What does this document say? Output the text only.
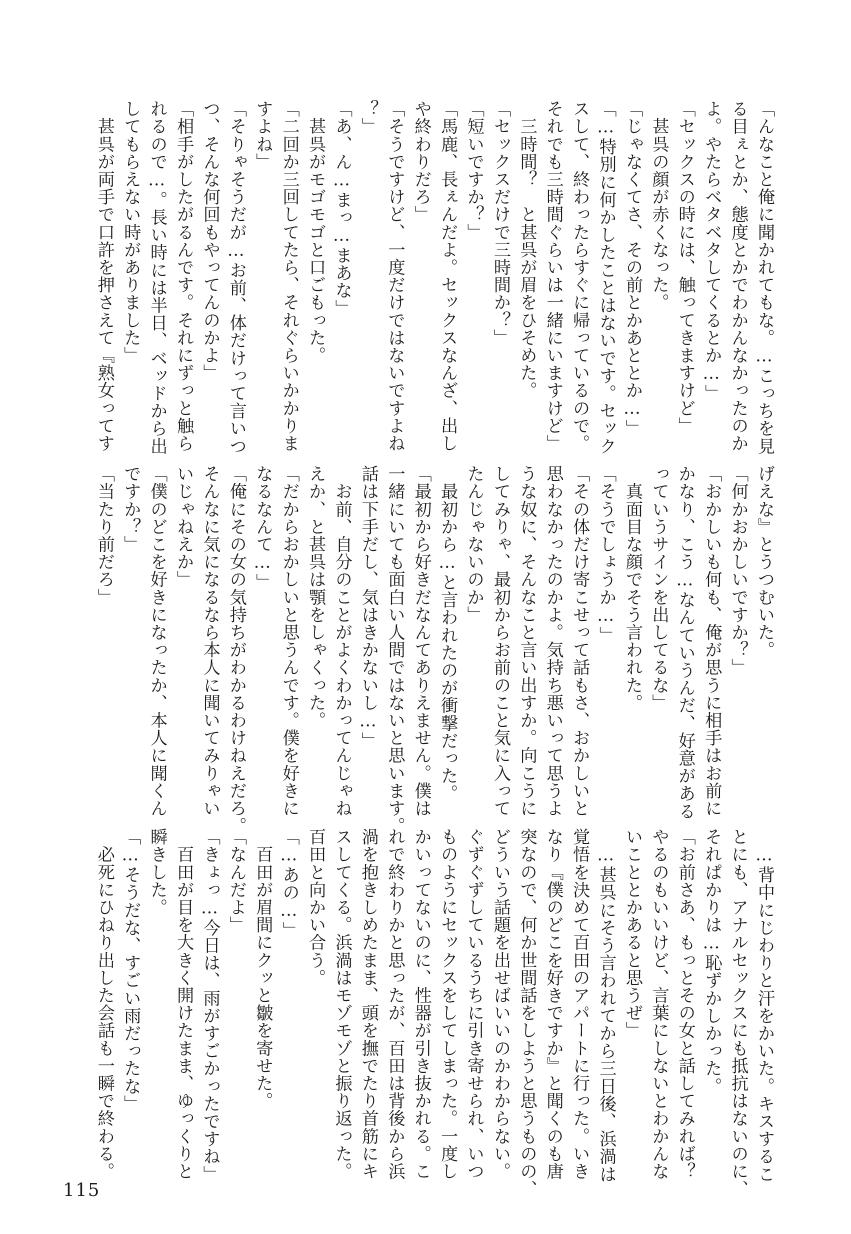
「んなこと俺に聞かれてもな。…こっちを見
る目ぇとか、態度とかでわかんなかったのか
よ。やたらベタベタしてくるとか…」
「セックスの時には、触ってきますけど」
　甚呉の顔が赤くなった。
「じゃなくてさ、その前とかあととか…」
「…特別に何かしたことはないです。セック
スして、終わったらすぐに帰っているので。
それでも三時間ぐらいは一緒にいますけど」
　三時間？　と甚呉が眉をひそめた。
「セックスだけで三時間か？」
「短いですか？」
「馬鹿、長ぇんだよ。セックスなんざ、出し
や終わりだろ」
「そうですけど、一度だけではないですよね
？」
「あ、ん…まっ…まあな」
　甚呉がモゴモゴと口ごもった。
「二回か三回してたら、それぐらいかかりま
すよね」
「そりゃそうだが…お前、体だけって言いつ
つ、そんな何回もやってんのかよ」
「相手がしたがるんです。それにずっと触ら
れるので…。長い時には半日、ベッドから出
してもらえない時がありました」
　甚呉が両手で口許を押さえて『熟女ってす
げえな』とうつむいた。
「何かおかしいですか？」
「おかしいも何も、俺が思うに相手はお前に
かなり、こう…なんていうんだ、好意がある
っていうサインを出してるな」
　真面目な顔でそう言われた。
「そうでしょうか…」
「その体だけ寄こせって話もさ、おかしいと
思わなかったのかよ。気持ち悪いって思うよ
うな奴に、そんなこと言い出すか。向こうに
してみりゃ、最初からお前のこと気に入って
たんじゃないのか」
　最初から…と言われたのが衝撃だった。
「最初から好きだなんてありえません。僕は
一緒にいても面白い人間ではないと思います。
話は下手だし、気はきかないし…」
　お前、自分のことがよくわかってんじゃね
えか、と甚呉は顎をしゃくった。
「だからおかしいと思うんです。僕を好きに
なるなんて…」
「俺にその女の気持ちがわかるわけねえだろ。
そんなに気になるなら本人に聞いてみりゃい
いじゃねえか」
「僕のどこを好きになったか、本人に聞くん
ですか？」
「当たり前だろ」
　…背中にじわりと汗をかいた。キスするこ
とにも、アナルセックスにも抵抗はないのに、
それぱかりは…恥ずかしかった。
「お前さあ、もっとその女と話してみれば？
やるのもいいけど、言葉にしないとわかんな
いこととかあると思うぜ」
　…甚呉にそう言われてから三日後、浜渦は
覚悟を決めて百田のアパートに行った。いき
なり『僕のどこを好きですか』と聞くのも唐
突なので、何か世間話をしようと思うものの、
どういう話題を出せばいいのかわからない。
ぐずぐずしているうちに引き寄せられ、いつ
ものようにセックスをしてしまった。一度し
かいってないのに、性器が引き抜かれる。こ
れで終わりかと思ったが、百田は背後から浜
渦を抱きしめたまま、頭を撫でたり首筋にキ
スしてくる。浜渦はモゾモゾと振り返った。
百田と向かい合う。
「…あの…」
　百田が眉間にクッと皺を寄せた。
「なんだよ」
「きょっ…今日は、雨がすごかったですね」
　百田が目を大きく開けたまま、ゆっくりと
瞬きした。
「…そうだな、すごい雨だったな」
　必死にひねり出した会話も一瞬で終わる。
115
